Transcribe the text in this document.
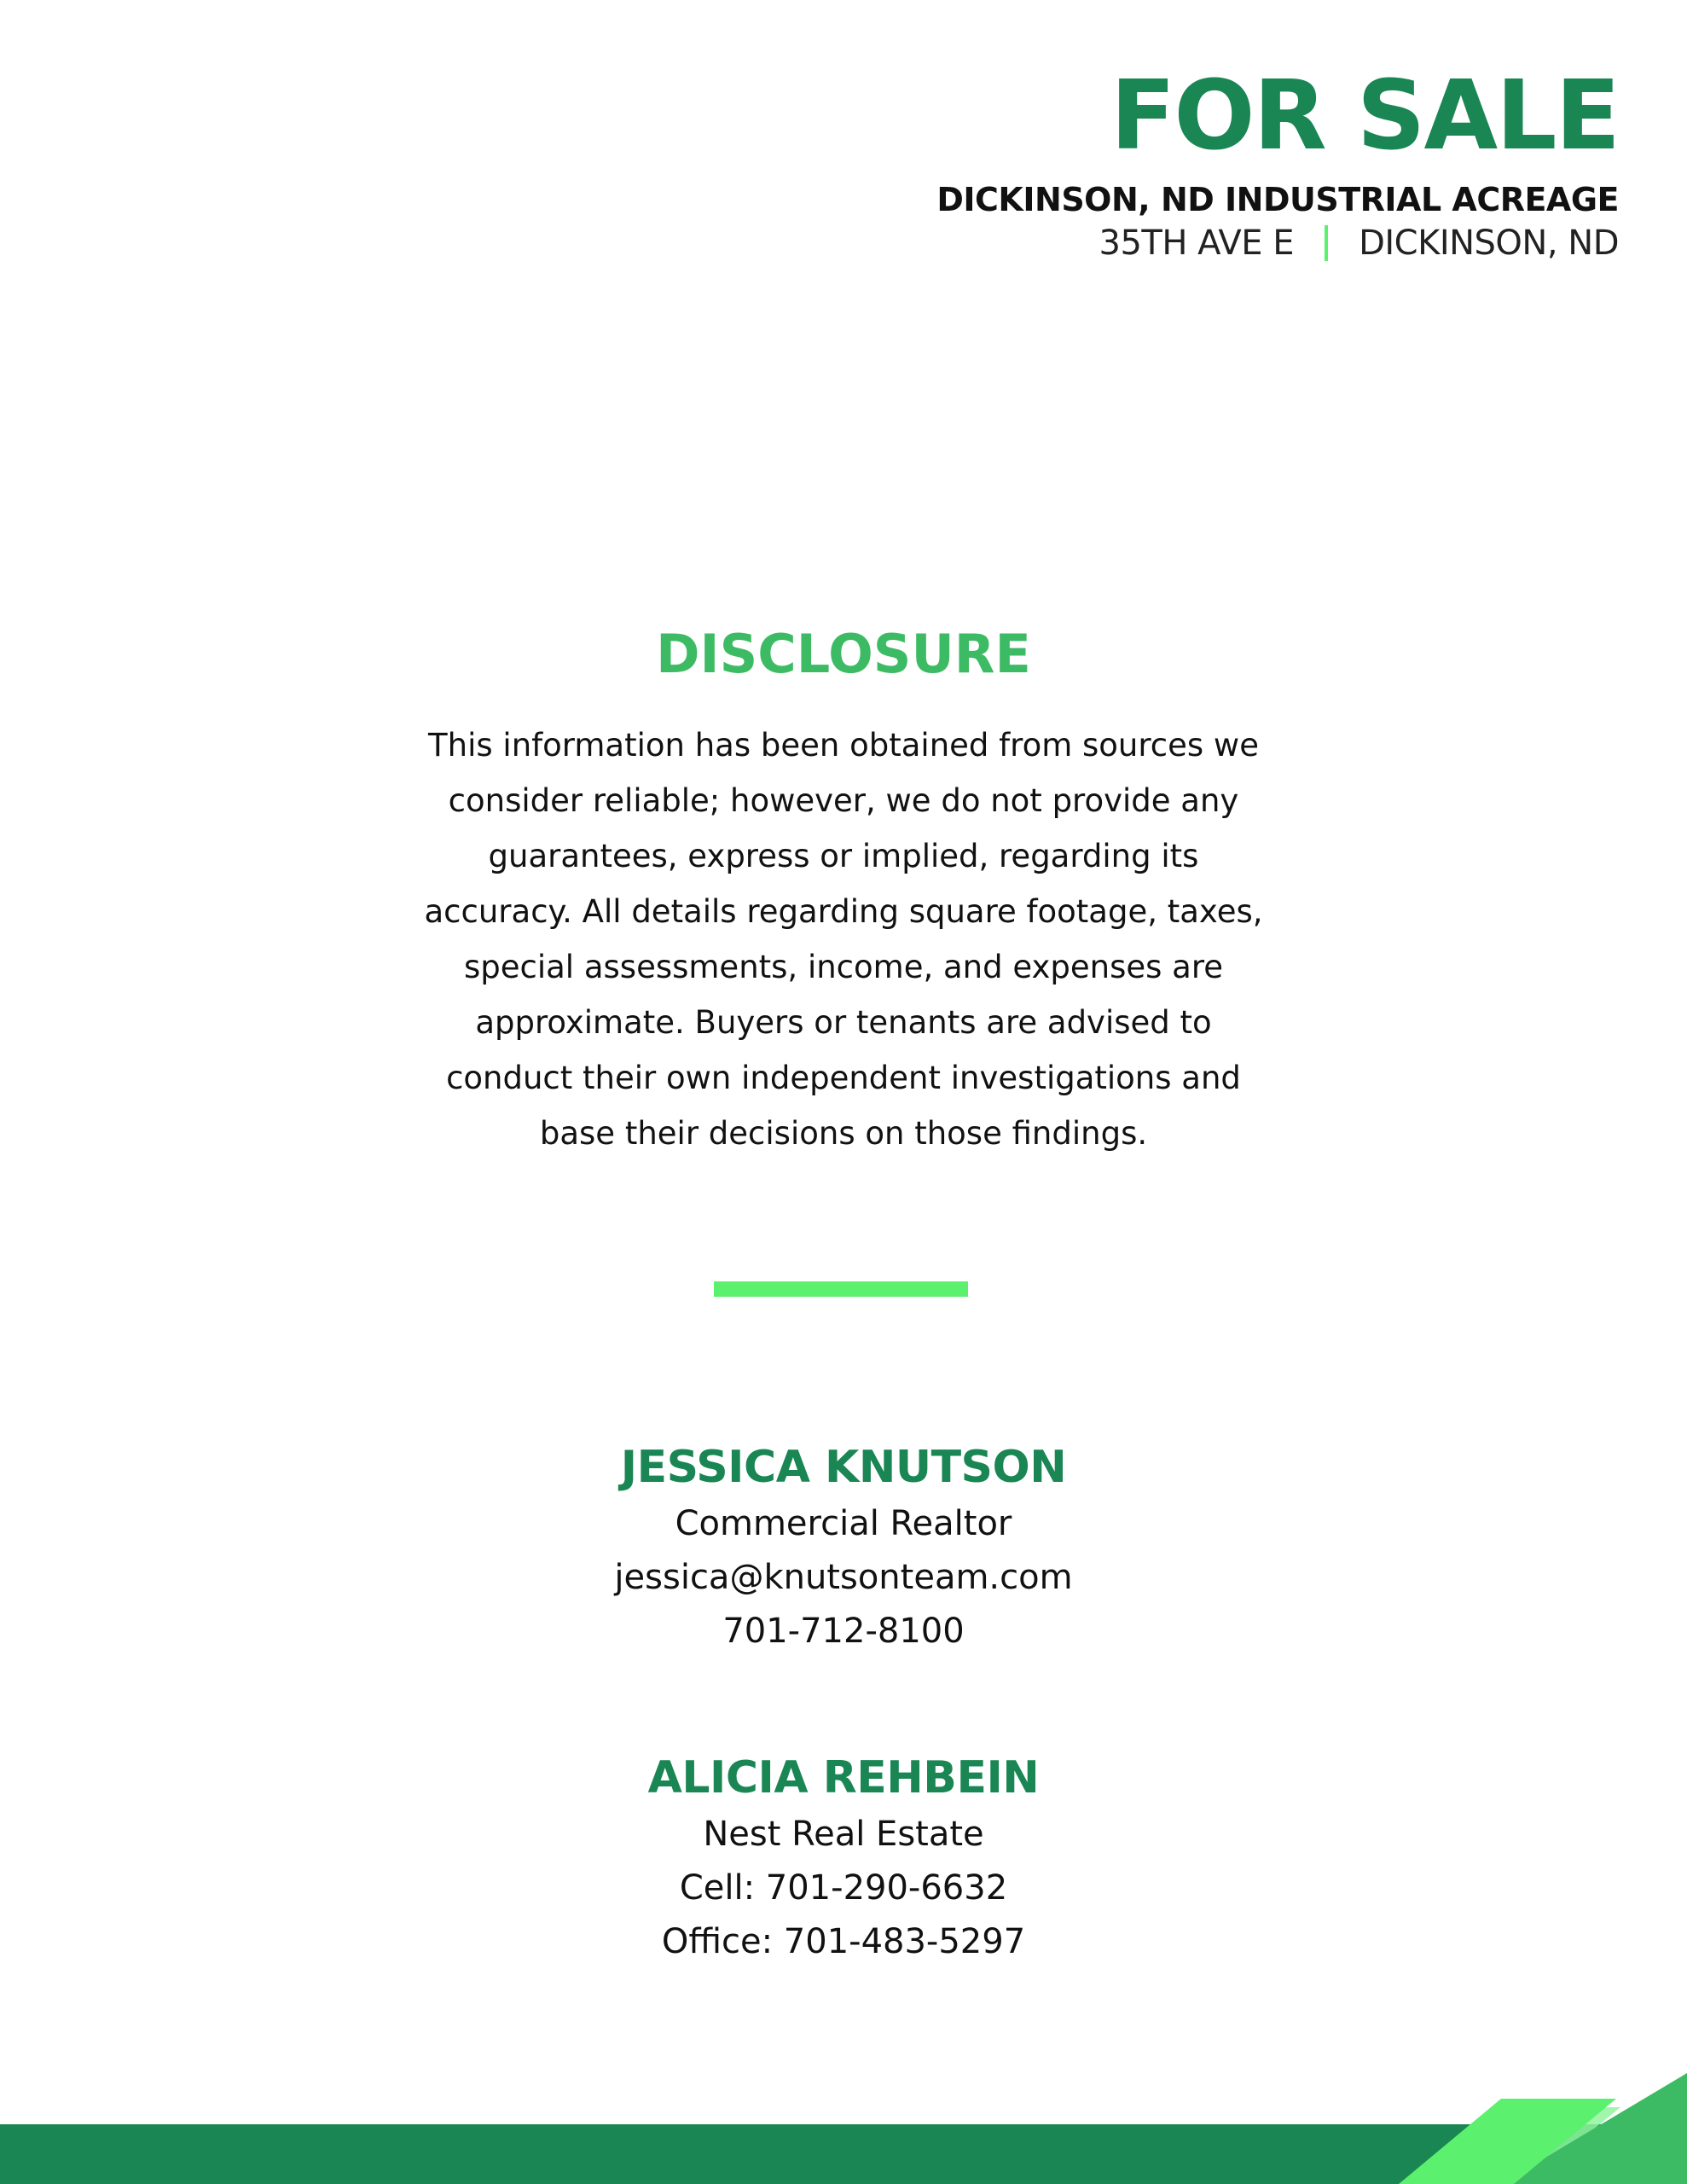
FOR SALE
DICKINSON, ND INDUSTRIAL ACREAGE
35TH AVE E DICKINSON, ND
DISCLOSURE
This information has been obtained from sources we consider reliable; however, we do not provide any guarantees, express or implied, regarding its accuracy. All details regarding square footage, taxes, special assessments, income, and expenses are approximate. Buyers or tenants are advised to conduct their own independent investigations and base their decisions on those findings.
JESSICA KNUTSON
Commercial Realtor
jessica@knutsonteam.com
701-712-8100
ALICIA REHBEIN
Nest Real Estate
Cell: 701-290-6632
Office: 701-483-5297
